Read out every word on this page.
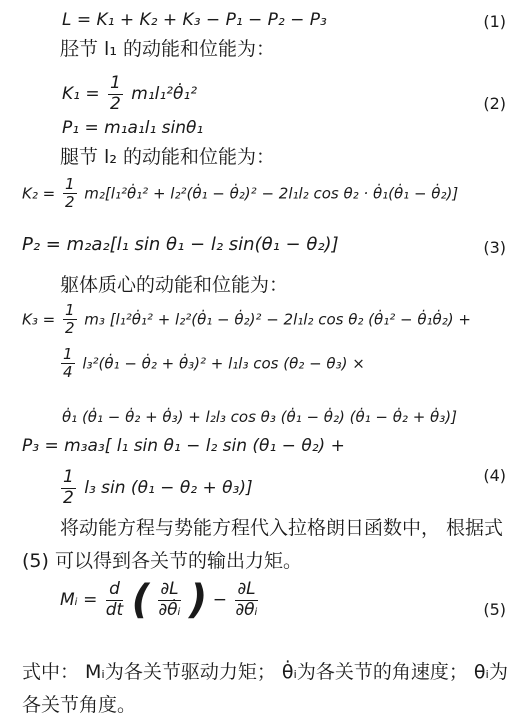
L = K₁ + K₂ + K₃ − P₁ − P₂ − P₃	(1)
胫节 l₁ 的动能和位能为：
$K_1 = \frac{1}{2}$ m₁l₁²θ̇₁²	(2)
P₁ = m₁a₁l₁ sinθ₁
腿节 l₂ 的动能和位能为：
$K_2 = \frac{1}{2}$ m₂[l₁²θ̇₁² + l₂²(θ̇₁ − θ̇₂)² − 2l₁l₂ cos θ₂ · θ̇₁(θ̇₁ − θ̇₂)]
P₂ = m₂a₂[l₁ sin θ₁ − l₂ sin(θ₁ − θ₂)]	(3)
躯体质心的动能和位能为：
$K_3 = \frac{1}{2} m_3$ [l₁²θ̇₁² + l₂²(θ̇₁ − θ̇₂)² − 2l₁l₂ cos θ₂ (θ̇₁² − θ̇₁θ̇₂) +
$\frac{1}{4}$ l₃²(θ̇₁ − θ̇₂ + θ̇₃)² + l₁l₃ cos (θ₂ − θ₃) ×
θ̇₁ (θ̇₁ − θ̇₂ + θ̇₃) + l₂l₃ cos θ₃ (θ̇₁ − θ̇₂) (θ̇₁ − θ̇₂ + θ̇₃)]
P₃ = m₃a₃[ l₁ sin θ₁ − l₂ sin (θ₁ − θ₂) +
$\frac{1}{2} l_3$ sin (θ₁ − θ₂ + θ₃)]
(4)
将动能方程与势能方程代入拉格朗日函数中， 根据式 (5) 可以得到各关节的输出力矩。
Mᵢ = $\frac{d}{dt}$ ( $\frac{\partial L}{\text{∂θ̇ᵢ}}$ ) − $\frac{\partial L}{\text{∂θᵢ}}$	(5)
式中： Mᵢ为各关节驱动力矩； θ̇ᵢ为各关节的角速度； θᵢ为各关节角度。
